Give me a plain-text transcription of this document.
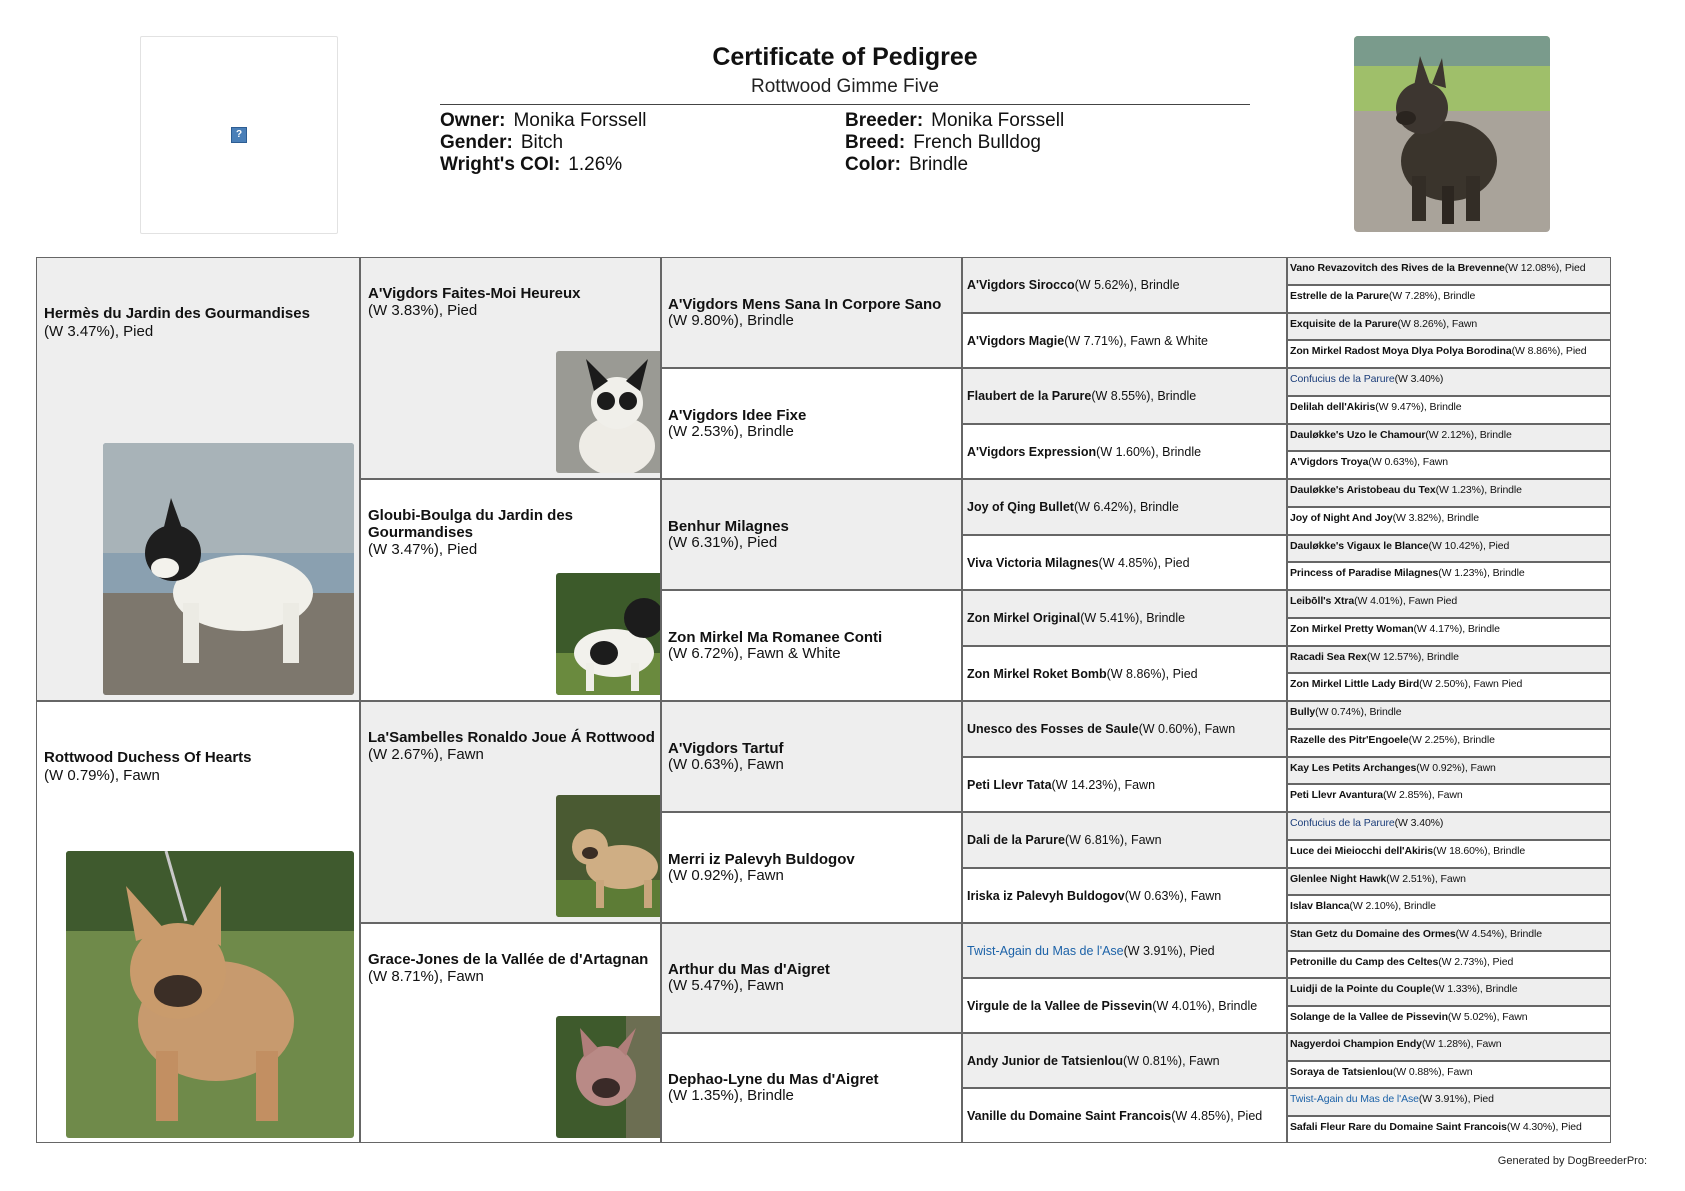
?
Certificate of Pedigree
Rottwood Gimme Five
Owner: Monika Forssell
Gender: Bitch
Wright's COI: 1.26%
Breeder: Monika Forssell
Breed: French Bulldog
Color: Brindle
Hermès du Jardin des Gourmandises
(W 3.47%), Pied
Rottwood Duchess Of Hearts
(W 0.79%), Fawn
A'Vigdors Faites-Moi Heureux
(W 3.83%), Pied
Gloubi-Boulga du Jardin des Gourmandises
(W 3.47%), Pied
La'Sambelles Ronaldo Joue Á Rottwood
(W 2.67%), Fawn
Grace-Jones de la Vallée de d'Artagnan
(W 8.71%), Fawn
A'Vigdors Mens Sana In Corpore Sano
(W 9.80%), Brindle
A'Vigdors Idee Fixe
(W 2.53%), Brindle
Benhur Milagnes
(W 6.31%), Pied
Zon Mirkel Ma Romanee Conti
(W 6.72%), Fawn & White
A'Vigdors Tartuf
(W 0.63%), Fawn
Merri iz Palevyh Buldogov
(W 0.92%), Fawn
Arthur du Mas d'Aigret
(W 5.47%), Fawn
Dephao-Lyne du Mas d'Aigret
(W 1.35%), Brindle
A'Vigdors Sirocco (W 5.62%), Brindle
A'Vigdors Magie (W 7.71%), Fawn & White
Flaubert de la Parure (W 8.55%), Brindle
A'Vigdors Expression (W 1.60%), Brindle
Joy of Qing Bullet (W 6.42%), Brindle
Viva Victoria Milagnes (W 4.85%), Pied
Zon Mirkel Original (W 5.41%), Brindle
Zon Mirkel Roket Bomb (W 8.86%), Pied
Unesco des Fosses de Saule (W 0.60%), Fawn
Peti Llevr Tata (W 14.23%), Fawn
Dali de la Parure (W 6.81%), Fawn
Iriska iz Palevyh Buldogov (W 0.63%), Fawn
Twist-Again du Mas de l'Ase (W 3.91%), Pied
Virgule de la Vallee de Pissevin (W 4.01%), Brindle
Andy Junior de Tatsienlou (W 0.81%), Fawn
Vanille du Domaine Saint Francois (W 4.85%), Pied
Vano Revazovitch des Rives de la Brevenne (W 12.08%), Pied
Estrelle de la Parure (W 7.28%), Brindle
Exquisite de la Parure (W 8.26%), Fawn
Zon Mirkel Radost Moya Dlya Polya Borodina (W 8.86%), Pied
Confucius de la Parure (W 3.40%)
Delilah dell'Akiris (W 9.47%), Brindle
Dauløkke's Uzo le Chamour (W 2.12%), Brindle
A'Vigdors Troya (W 0.63%), Fawn
Dauløkke's Aristobeau du Tex (W 1.23%), Brindle
Joy of Night And Joy (W 3.82%), Brindle
Dauløkke's Vigaux le Blance (W 10.42%), Pied
Princess of Paradise Milagnes (W 1.23%), Brindle
Leibōll's Xtra (W 4.01%), Fawn Pied
Zon Mirkel Pretty Woman (W 4.17%), Brindle
Racadi Sea Rex (W 12.57%), Brindle
Zon Mirkel Little Lady Bird (W 2.50%), Fawn Pied
Bully (W 0.74%), Brindle
Razelle des Pitr'Engoele (W 2.25%), Brindle
Kay Les Petits Archanges (W 0.92%), Fawn
Peti Llevr Avantura (W 2.85%), Fawn
Confucius de la Parure (W 3.40%)
Luce dei Mieiocchi dell'Akiris (W 18.60%), Brindle
Glenlee Night Hawk (W 2.51%), Fawn
Islav Blanca (W 2.10%), Brindle
Stan Getz du Domaine des Ormes (W 4.54%), Brindle
Petronille du Camp des Celtes (W 2.73%), Pied
Luidji de la Pointe du Couple (W 1.33%), Brindle
Solange de la Vallee de Pissevin (W 5.02%), Fawn
Nagyerdoi Champion Endy (W 1.28%), Fawn
Soraya de Tatsienlou (W 0.88%), Fawn
Twist-Again du Mas de l'Ase (W 3.91%), Pied
Safali Fleur Rare du Domaine Saint Francois (W 4.30%), Pied
Generated by DogBreederPro:
